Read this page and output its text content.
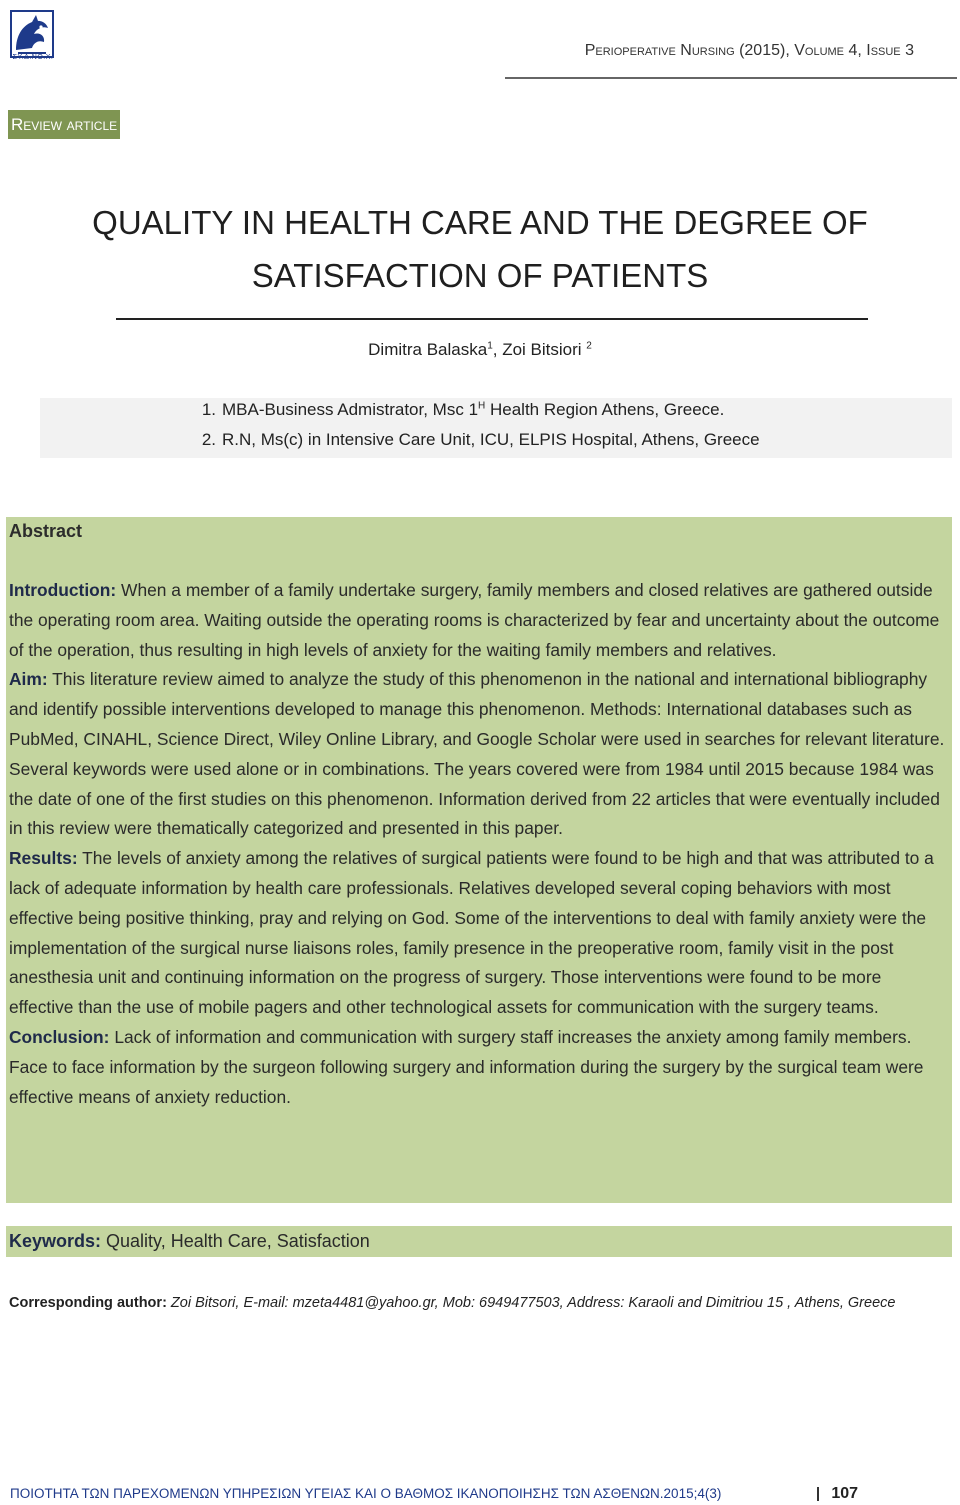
ΣΥ.Δ.ΝΟ.Χ.	Perioperative Nursing (2015), Volume 4, Issue 3
Review article
QUALITY IN HEALTH CARE AND THE DEGREE OF
SATISFACTION OF PATIENTS
Dimitra Balaska$^1$, Zoi Bitsiori $^2$
1. MBA-Business Admistrator, Msc $1^H$ Health Region Athens, Greece.
2. R.N, Ms(c) in Intensive Care Unit, ICU, ELPIS Hospital, Athens, Greece
Abstract

Introduction: When a member of a family undertake surgery, family members and closed relatives are gathered outside the operating room area. Waiting outside the operating rooms is characterized by fear and uncertainty about the outcome of the operation, thus resulting in high levels of anxiety for the waiting family members and relatives.

Aim: This literature review aimed to analyze the study of this phenomenon in the national and international bibliography and identify possible interventions developed to manage this phenomenon. Methods: International databases such as PubMed, CINAHL, Science Direct, Wiley Online Library, and Google Scholar were used in searches for relevant literature. Several keywords were used alone or in combinations. The years covered were from 1984 until 2015 because 1984 was the date of one of the first studies on this phenomenon. Information derived from 22 articles that were eventually included in this review were thematically categorized and presented in this paper.

Results: The levels of anxiety among the relatives of surgical patients were found to be high and that was attributed to a lack of adequate information by health care professionals. Relatives developed several coping behaviors with most effective being positive thinking, pray and relying on God. Some of the interventions to deal with family anxiety were the implementation of the surgical nurse liaisons roles, family presence in the preoperative room, family visit in the post anesthesia unit and continuing information on the progress of surgery. Those interventions were found to be more effective than the use of mobile pagers and other technological assets for communication with the surgery teams.

Conclusion: Lack of information and communication with surgery staff increases the anxiety among family members. Face to face information by the surgeon following surgery and information during the surgery by the surgical team were effective means of anxiety reduction.

Keywords: Quality, Health Care, Satisfaction
Corresponding author: Zoi Bitsori, E-mail: mzeta4481@yahoo.gr, Mob: 6949477503, Address: Karaoli and Dimitriou 15 , Athens, Greece
ΠΟΙΟΤΗΤΑ ΤΩΝ ΠΑΡΕΧΟΜΕΝΩΝ ΥΠΗΡΕΣΙΩΝ ΥΓΕΙΑΣ ΚΑΙ Ο ΒΑΘΜΟΣ ΙΚΑΝΟΠΟΙΗΣΗΣ ΤΩΝ ΑΣΘΕΝΩΝ.2015;4(3)	107
